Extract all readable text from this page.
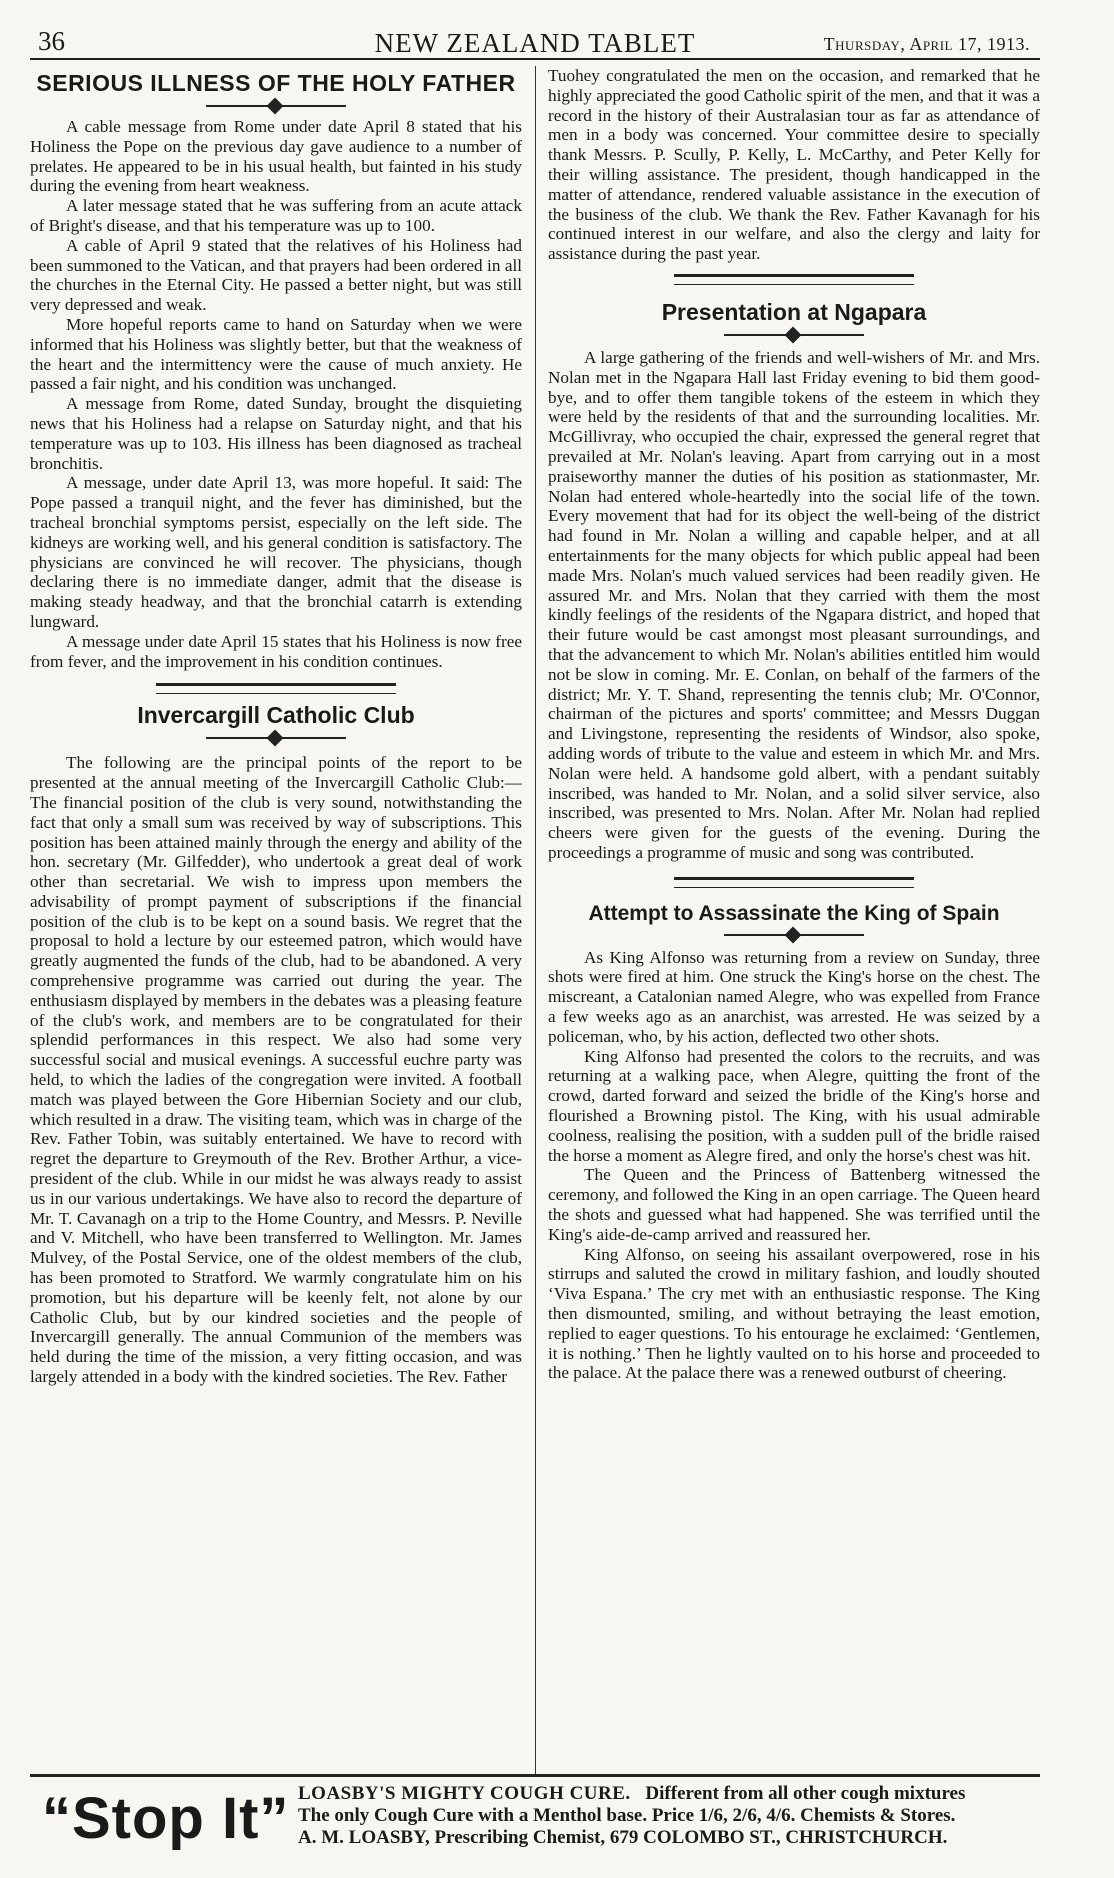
36	NEW ZEALAND TABLET	Thursday, April 17, 1913.
SERIOUS ILLNESS OF THE HOLY FATHER

A cable message from Rome under date April 8 stated that his Holiness the Pope on the previous day gave audience to a number of prelates. He appeared to be in his usual health, but fainted in his study during the evening from heart weakness.

A later message stated that he was suffering from an acute attack of Bright's disease, and that his temperature was up to 100.

A cable of April 9 stated that the relatives of his Holiness had been summoned to the Vatican, and that prayers had been ordered in all the churches in the Eternal City. He passed a better night, but was still very depressed and weak.

More hopeful reports came to hand on Saturday when we were informed that his Holiness was slightly better, but that the weakness of the heart and the intermittency were the cause of much anxiety. He passed a fair night, and his condition was unchanged.

A message from Rome, dated Sunday, brought the disquieting news that his Holiness had a relapse on Saturday night, and that his temperature was up to 103. His illness has been diagnosed as tracheal bronchitis.

A message, under date April 13, was more hopeful. It said: The Pope passed a tranquil night, and the fever has diminished, but the tracheal bronchial symptoms persist, especially on the left side. The kidneys are working well, and his general condition is satisfactory. The physicians are convinced he will recover. The physicians, though declaring there is no immediate danger, admit that the disease is making steady headway, and that the bronchial catarrh is extending lungward.

A message under date April 15 states that his Holiness is now free from fever, and the improvement in his condition continues.

Invercargill Catholic Club

The following are the principal points of the report to be presented at the annual meeting of the Invercargill Catholic Club:—The financial position of the club is very sound, notwithstanding the fact that only a small sum was received by way of subscriptions. This position has been attained mainly through the energy and ability of the hon. secretary (Mr. Gilfedder), who undertook a great deal of work other than secretarial. We wish to impress upon members the advisability of prompt payment of subscriptions if the financial position of the club is to be kept on a sound basis. We regret that the proposal to hold a lecture by our esteemed patron, which would have greatly augmented the funds of the club, had to be abandoned. A very comprehensive programme was carried out during the year. The enthusiasm displayed by members in the debates was a pleasing feature of the club's work, and members are to be congratulated for their splendid performances in this respect. We also had some very successful social and musical evenings. A successful euchre party was held, to which the ladies of the congregation were invited. A football match was played between the Gore Hibernian Society and our club, which resulted in a draw. The visiting team, which was in charge of the Rev. Father Tobin, was suitably entertained. We have to record with regret the departure to Greymouth of the Rev. Brother Arthur, a vice-president of the club. While in our midst he was always ready to assist us in our various undertakings. We have also to record the departure of Mr. T. Cavanagh on a trip to the Home Country, and Messrs. P. Neville and V. Mitchell, who have been transferred to Wellington. Mr. James Mulvey, of the Postal Service, one of the oldest members of the club, has been promoted to Stratford. We warmly congratulate him on his promotion, but his departure will be keenly felt, not alone by our Catholic Club, but by our kindred societies and the people of Invercargill generally. The annual Communion of the members was held during the time of the mission, a very fitting occasion, and was largely attended in a body with the kindred societies. The Rev. Father

Tuohey congratulated the men on the occasion, and remarked that he highly appreciated the good Catholic spirit of the men, and that it was a record in the history of their Australasian tour as far as attendance of men in a body was concerned. Your committee desire to specially thank Messrs. P. Scully, P. Kelly, L. McCarthy, and Peter Kelly for their willing assistance. The president, though handicapped in the matter of attendance, rendered valuable assistance in the execution of the business of the club. We thank the Rev. Father Kavanagh for his continued interest in our welfare, and also the clergy and laity for assistance during the past year.

Presentation at Ngapara

A large gathering of the friends and well-wishers of Mr. and Mrs. Nolan met in the Ngapara Hall last Friday evening to bid them good-bye, and to offer them tangible tokens of the esteem in which they were held by the residents of that and the surrounding localities. Mr. McGillivray, who occupied the chair, expressed the general regret that prevailed at Mr. Nolan's leaving. Apart from carrying out in a most praiseworthy manner the duties of his position as stationmaster, Mr. Nolan had entered whole-heartedly into the social life of the town. Every movement that had for its object the well-being of the district had found in Mr. Nolan a willing and capable helper, and at all entertainments for the many objects for which public appeal had been made Mrs. Nolan's much valued services had been readily given. He assured Mr. and Mrs. Nolan that they carried with them the most kindly feelings of the residents of the Ngapara district, and hoped that their future would be cast amongst most pleasant surroundings, and that the advancement to which Mr. Nolan's abilities entitled him would not be slow in coming. Mr. E. Conlan, on behalf of the farmers of the district; Mr. Y. T. Shand, representing the tennis club; Mr. O'Connor, chairman of the pictures and sports' committee; and Messrs Duggan and Livingstone, representing the residents of Windsor, also spoke, adding words of tribute to the value and esteem in which Mr. and Mrs. Nolan were held. A handsome gold albert, with a pendant suitably inscribed, was handed to Mr. Nolan, and a solid silver service, also inscribed, was presented to Mrs. Nolan. After Mr. Nolan had replied cheers were given for the guests of the evening. During the proceedings a programme of music and song was contributed.

Attempt to Assassinate the King of Spain

As King Alfonso was returning from a review on Sunday, three shots were fired at him. One struck the King's horse on the chest. The miscreant, a Catalonian named Alegre, who was expelled from France a few weeks ago as an anarchist, was arrested. He was seized by a policeman, who, by his action, deflected two other shots.

King Alfonso had presented the colors to the recruits, and was returning at a walking pace, when Alegre, quitting the front of the crowd, darted forward and seized the bridle of the King's horse and flourished a Browning pistol. The King, with his usual admirable coolness, realising the position, with a sudden pull of the bridle raised the horse a moment as Alegre fired, and only the horse's chest was hit.

The Queen and the Princess of Battenberg witnessed the ceremony, and followed the King in an open carriage. The Queen heard the shots and guessed what had happened. She was terrified until the King's aide-de-camp arrived and reassured her.

King Alfonso, on seeing his assailant overpowered, rose in his stirrups and saluted the crowd in military fashion, and loudly shouted ‘Viva Espana.’ The cry met with an enthusiastic response. The King then dismounted, smiling, and without betraying the least emotion, replied to eager questions. To his entourage he exclaimed: ‘Gentlemen, it is nothing.’ Then he lightly vaulted on to his horse and proceeded to the palace. At the palace there was a renewed outburst of cheering.

“Stop It” LOASBY'S MIGHTY COUGH CURE. Different from all other cough mixtures
The only Cough Cure with a Menthol base. Price 1/6, 2/6, 4/6. Chemists & Stores.
A. M. LOASBY, Prescribing Chemist, 679 COLOMBO ST., CHRISTCHURCH.
